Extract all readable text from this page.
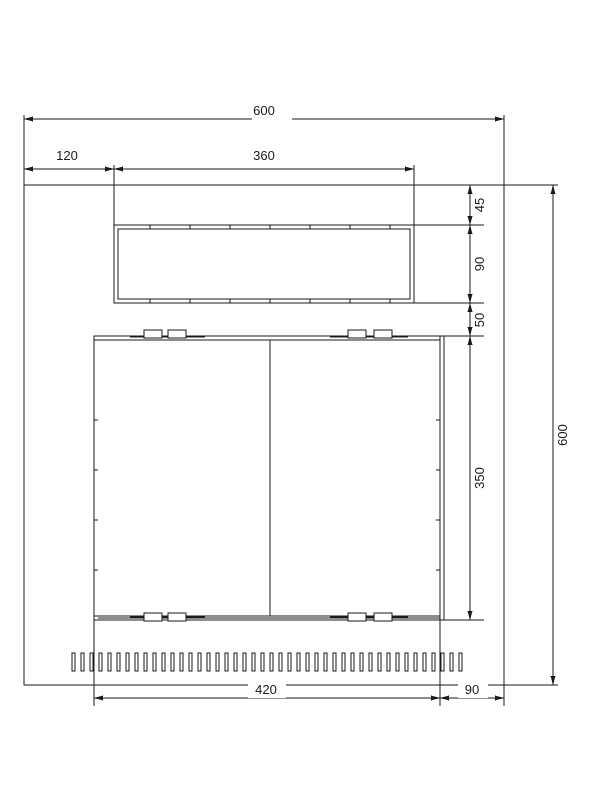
600
120	360
45
90
50
350
600
420	90
